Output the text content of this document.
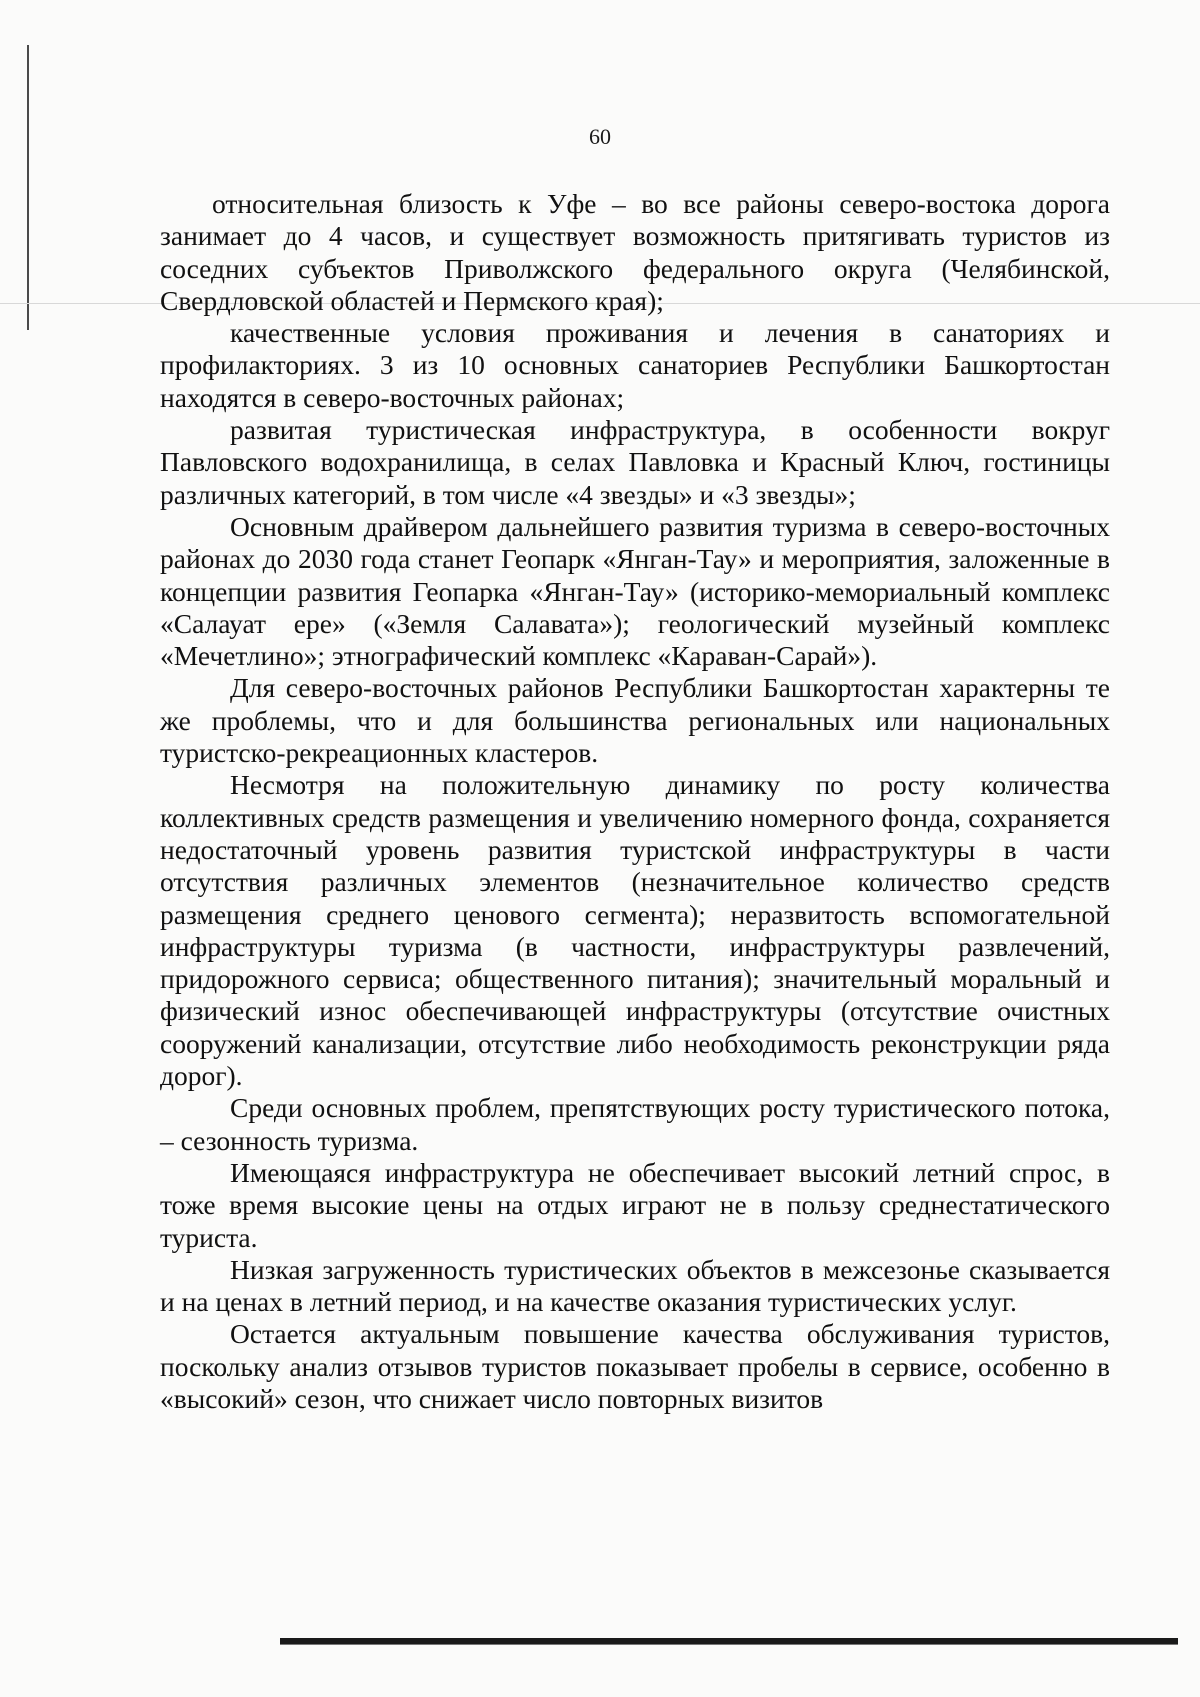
60

относительная близость к Уфе – во все районы северо-востока дорога занимает до 4 часов, и существует возможность притягивать туристов из соседних субъектов Приволжского федерального округа (Челябинской, Свердловской областей и Пермского края);

качественные условия проживания и лечения в санаториях и профилакториях. 3 из 10 основных санаториев Республики Башкортостан находятся в северо-восточных районах;

развитая туристическая инфраструктура, в особенности вокруг Павловского водохранилища, в селах Павловка и Красный Ключ, гостиницы различных категорий, в том числе «4 звезды» и «3 звезды»;

Основным драйвером дальнейшего развития туризма в северо-восточных районах до 2030 года станет Геопарк «Янган-Тау» и мероприятия, заложенные в концепции развития Геопарка «Янган-Тау» (историко-мемориальный комплекс «Салауат ере» («Земля Салавата»); геологический музейный комплекс «Мечетлино»; этнографический комплекс «Караван-Сарай»).

Для северо-восточных районов Республики Башкортостан характерны те же проблемы, что и для большинства региональных или национальных туристско-рекреационных кластеров.

Несмотря на положительную динамику по росту количества коллективных средств размещения и увеличению номерного фонда, сохраняется недостаточный уровень развития туристской инфраструктуры в части отсутствия различных элементов (незначительное количество средств размещения среднего ценового сегмента); неразвитость вспомогательной инфраструктуры туризма (в частности, инфраструктуры развлечений, придорожного сервиса; общественного питания); значительный моральный и физический износ обеспечивающей инфраструктуры (отсутствие очистных сооружений канализации, отсутствие либо необходимость реконструкции ряда дорог).

Среди основных проблем, препятствующих росту туристического потока, – сезонность туризма.

Имеющаяся инфраструктура не обеспечивает высокий летний спрос, в тоже время высокие цены на отдых играют не в пользу среднестатического туриста.

Низкая загруженность туристических объектов в межсезонье сказывается и на ценах в летний период, и на качестве оказания туристических услуг.

Остается актуальным повышение качества обслуживания туристов, поскольку анализ отзывов туристов показывает пробелы в сервисе, особенно в «высокий» сезон, что снижает число повторных визитов
